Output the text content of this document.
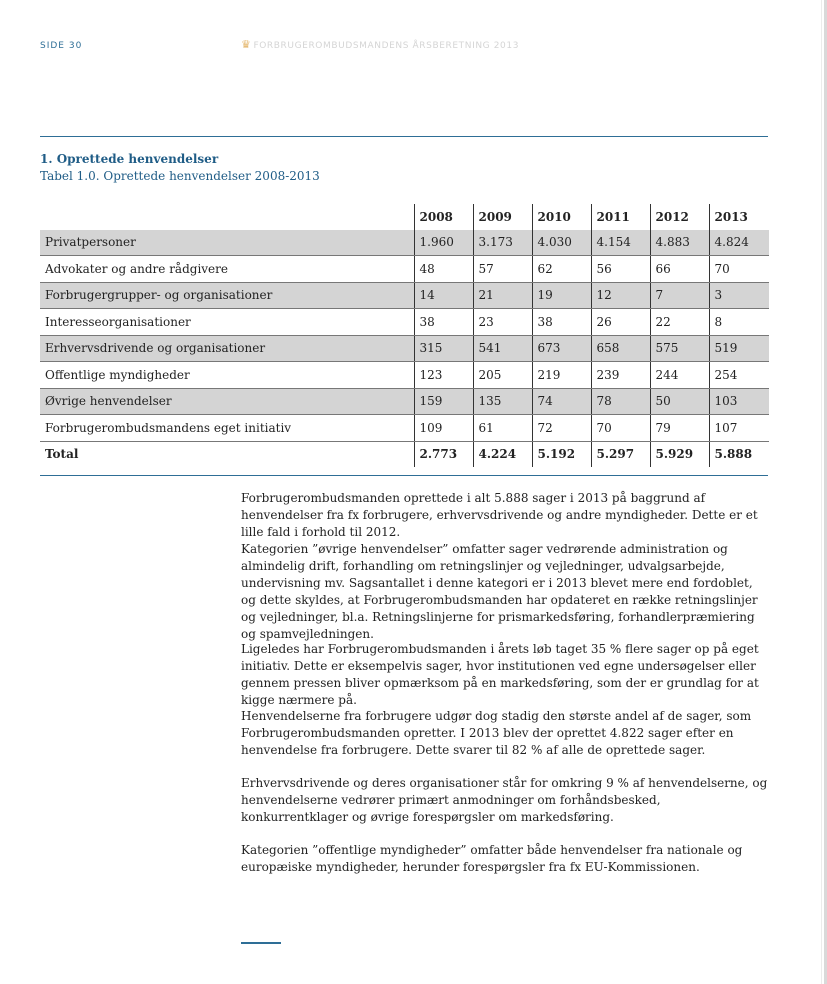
SIDE 30	♛ FORBRUGEROMBUDSMANDENS ÅRSBERETNING 2013
1. Oprettede henvendelser
Tabel 1.0. Oprettede henvendelser 2008-2013
	2008	2009	2010	2011	2012	2013
Privatpersoner	1.960	3.173	4.030	4.154	4.883	4.824
Advokater og andre rådgivere	48	57	62	56	66	70
Forbrugergrupper- og organisationer	14	21	19	12	7	3
Interesseorganisationer	38	23	38	26	22	8
Erhvervsdrivende og organisationer	315	541	673	658	575	519
Offentlige myndigheder	123	205	219	239	244	254
Øvrige henvendelser	159	135	74	78	50	103
Forbrugerombudsmandens eget initiativ	109	61	72	70	79	107
Total	2.773	4.224	5.192	5.297	5.929	5.888

Forbrugerombudsmanden oprettede i alt 5.888 sager i 2013 på baggrund af henvendelser fra fx forbrugere, erhvervsdrivende og andre myndigheder. Dette er et lille fald i forhold til 2012.

Kategorien ”øvrige henvendelser” omfatter sager vedrørende administration og almindelig drift, forhandling om retningslinjer og vejledninger, udvalgsarbejde, undervisning mv. Sagsantallet i denne kategori er i 2013 blevet mere end fordoblet, og dette skyldes, at Forbrugerombudsmanden har opdateret en række retningslinjer og vejledninger, bl.a. Retningslinjerne for prismarkedsføring, forhandlerpræmiering og spamvejledningen.

Ligeledes har Forbrugerombudsmanden i årets løb taget 35 % flere sager op på eget initiativ. Dette er eksempelvis sager, hvor institutionen ved egne undersøgelser eller gennem pressen bliver opmærksom på en markedsføring, som der er grundlag for at kigge nærmere på.

Henvendelserne fra forbrugere udgør dog stadig den største andel af de sager, som Forbrugerombudsmanden opretter. I 2013 blev der oprettet 4.822 sager efter en henvendelse fra forbrugere. Dette svarer til 82 % af alle de oprettede sager.

Erhvervsdrivende og deres organisationer står for omkring 9 % af henvendelserne, og henvendelserne vedrører primært anmodninger om forhåndsbesked, konkurrentklager og øvrige forespørgsler om markedsføring.

Kategorien ”offentlige myndigheder” omfatter både henvendelser fra nationale og europæiske myndigheder, herunder forespørgsler fra fx EU-Kommissionen.
